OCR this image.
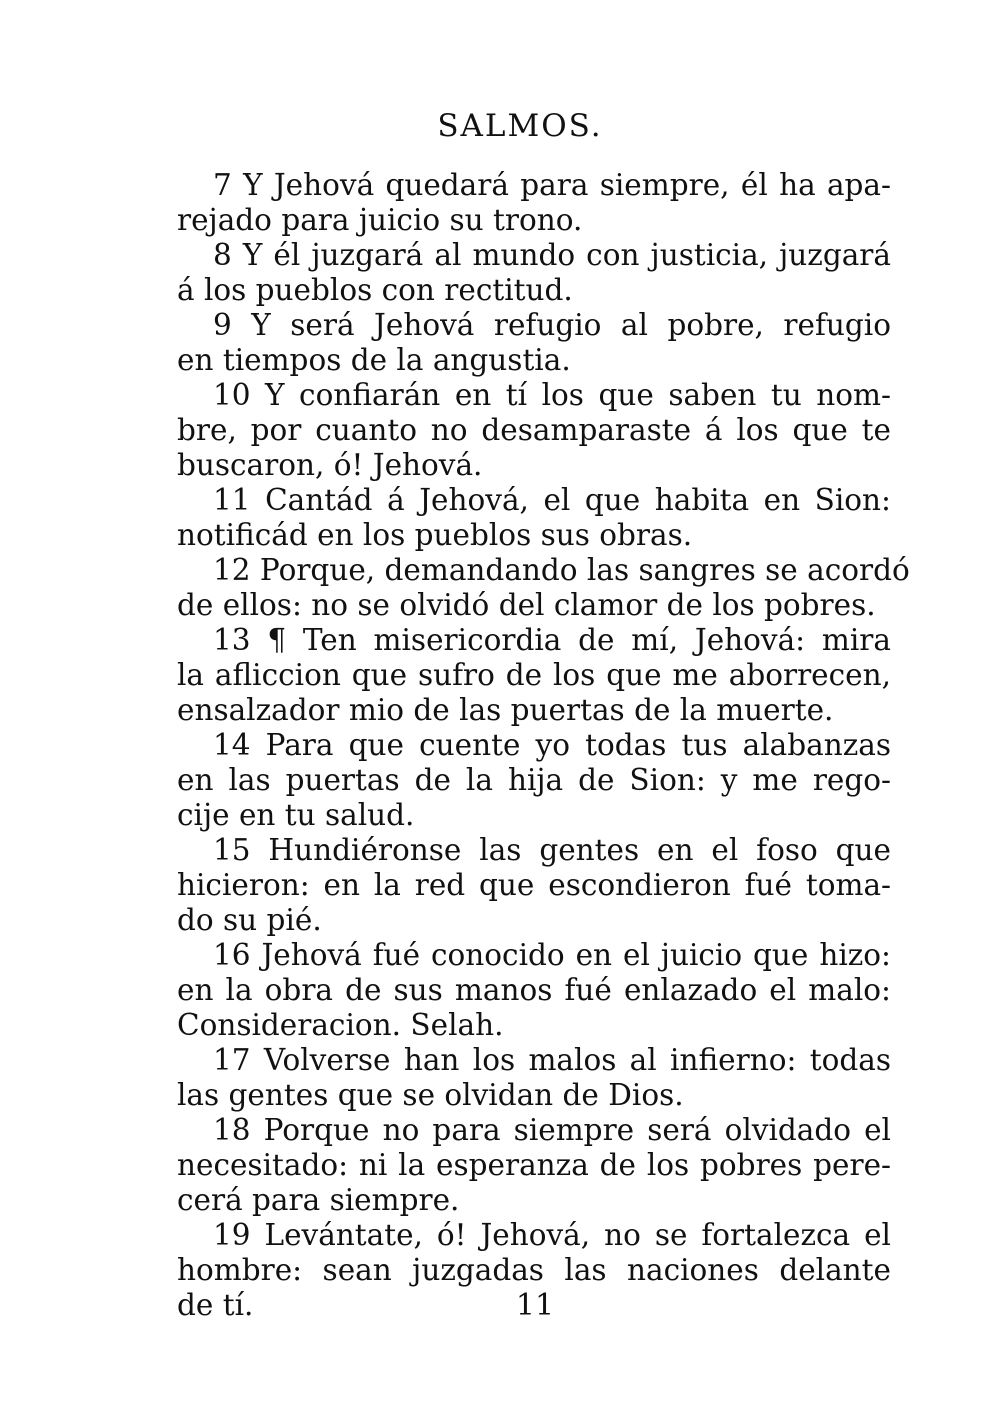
SALMOS.
7 Y Jehová quedará para siempre, él ha apa-
rejado para juicio su trono.
8 Y él juzgará al mundo con justicia, juzgará
á los pueblos con rectitud.
9 Y será Jehová refugio al pobre, refugio
en tiempos de la angustia.
10 Y confiarán en tí los que saben tu nom-
bre, por cuanto no desamparaste á los que te
buscaron, ó! Jehová.
11 Cantád á Jehová, el que habita en Sion:
notificád en los pueblos sus obras.
12 Porque, demandando las sangres se acordó
de ellos: no se olvidó del clamor de los pobres.
13 ¶ Ten misericordia de mí, Jehová: mira
la afliccion que sufro de los que me aborrecen,
ensalzador mio de las puertas de la muerte.
14 Para que cuente yo todas tus alabanzas
en las puertas de la hija de Sion: y me rego-
cije en tu salud.
15 Hundiéronse las gentes en el foso que
hicieron: en la red que escondieron fué toma-
do su pié.
16 Jehová fué conocido en el juicio que hizo:
en la obra de sus manos fué enlazado el malo:
Consideracion. Selah.
17 Volverse han los malos al infierno: todas
las gentes que se olvidan de Dios.
18 Porque no para siempre será olvidado el
necesitado: ni la esperanza de los pobres pere-
cerá para siempre.
19 Levántate, ó! Jehová, no se fortalezca el
hombre: sean juzgadas las naciones delante
de tí.	11
